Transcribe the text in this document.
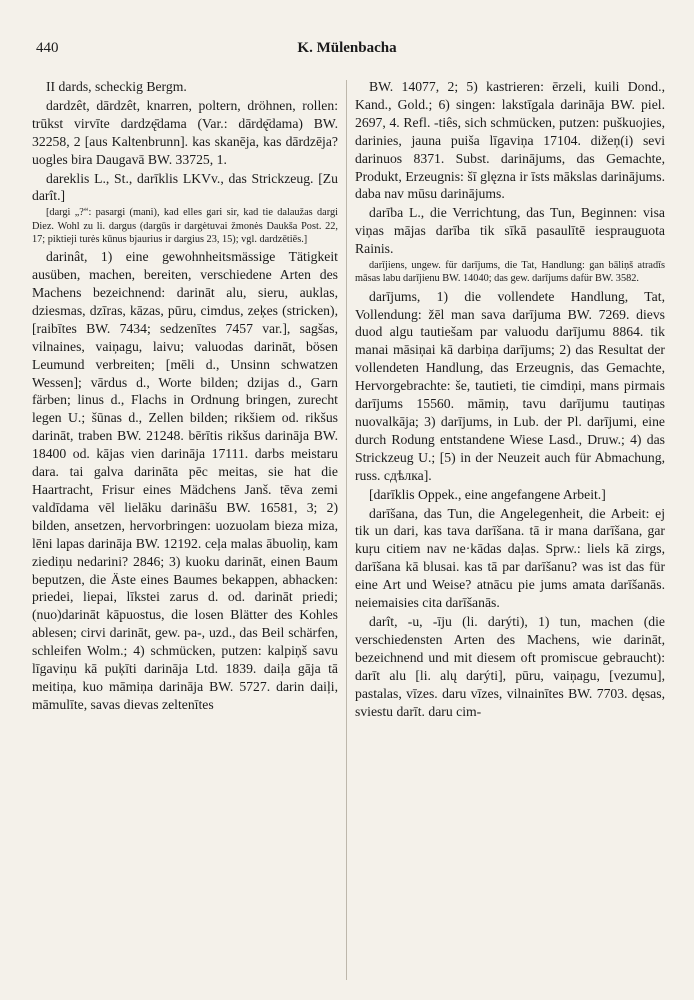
K. Mülenbacha
440

II dards, scheckig Bergm.

dardzêt, dārdzêt, knarren, poltern, dröhnen, rollen: trūkst virvīte dardzę̄dama (Var.: dārdę̄dama) BW. 32258, 2 [aus Kaltenbrunn]. kas skanēja, kas dārdzēja? uogles bira Daugavā BW. 33725, 1.

dareklis L., St., darīklis LKVv., das Strickzeug. [Zu darît.]

[dargi „?“: pasargi (mani), kad elles gari sir, kad tie dalaužas dargi Diez. Wohl zu li. dargus (dargūs ir dargėtuvai žmonės Daukša Post. 22, 17; piktieji turės kūnus bjaurius ir dargius 23, 15); vgl. dardzētiēs.]

darinât, 1) eine gewohnheitsmässige Tätigkeit ausüben, machen, bereiten, verschiedene Arten des Machens bezeichnend: darināt alu, sieru, auklas, dziesmas, dzīras, kāzas, pūru, cimdus, zeķes (stricken), [raibītes BW. 7434; sedzenītes 7457 var.], sagšas, vilnaines, vaiņagu, laivu; valuodas darināt, bösen Leumund verbreiten; [mēli d., Unsinn schwatzen Wessen]; vārdus d., Worte bilden; dzijas d., Garn färben; linus d., Flachs in Ordnung bringen, zurecht legen U.; šūnas d., Zellen bilden; rikšiem od. rikšus darināt, traben BW. 21248. bērītis rikšus darināja BW. 18400 od. kājas vien darināja 17111. darbs meistaru dara. tai galva darināta pēc meitas, sie hat die Haartracht, Frisur eines Mädchens Janš. tēva zemi valdīdama vēl lielāku darināšu BW. 16581, 3; 2) bilden, ansetzen, hervorbringen: uozuolam bieza miza, lēni lapas darināja BW. 12192. ceļa malas ābuoliņ, kam ziediņu nedarini? 2846; 3) kuoku darināt, einen Baum beputzen, die Äste eines Baumes bekappen, abhacken: priedei, liepai, līkstei zarus d. od. darināt priedi; (nuo)darināt kāpuostus, die losen Blätter des Kohles ablesen; cirvi darināt, gew. pa-, uzd., das Beil schärfen, schleifen Wolm.; 4) schmücken, putzen: kalpiņš savu līgaviņu kā puķīti darināja Ltd. 1839. daiļa gāja tā meitiņa, kuo māmiņa darināja BW. 5727. darin daiļi, māmulīte, savas dievas zeltenītes

BW. 14077, 2; 5) kastrieren: ērzeli, kuili Dond., Kand., Gold.; 6) singen: lakstīgala darināja BW. piel. 2697, 4. Refl. -tiês, sich schmücken, putzen: puškuojies, darinies, jauna puiša līgaviņa 17104. dižeņ(i) sevi darinuos 8371. Subst. darinājums, das Gemachte, Produkt, Erzeugnis: šī glęzna ir īsts mākslas darinājums. daba nav mūsu darinājums.

darība L., die Verrichtung, das Tun, Beginnen: visa viņas mājas darība tik sīkā pasaulītē iesprauguota Rainis.

darījiens, ungew. für darījums, die Tat, Handlung: gan bāliņš atradīs māsas labu darījienu BW. 14040; das gew. darījums dafür BW. 3582.

darījums, 1) die vollendete Handlung, Tat, Vollendung: žēl man sava darījuma BW. 7269. dievs duod algu tautiešam par valuodu darījumu 8864. tik manai māsiņai kā darbiņa darījums; 2) das Resultat der vollendeten Handlung, das Erzeugnis, das Gemachte, Hervorgebrachte: še, tautieti, tie cimdiņi, mans pirmais darījums 15560. māmiņ, tavu darījumu tautiņas nuovalkāja; 3) darījums, in Lub. der Pl. darījumi, eine durch Rodung entstandene Wiese Lasd., Druw.; 4) das Strickzeug U.; [5) in der Neuzeit auch für Abmachung, russ. сдѣлка].

[darīklis Oppek., eine angefangene Arbeit.]

darīšana, das Tun, die Angelegenheit, die Arbeit: ej tik un dari, kas tava darīšana. tā ir mana darīšana, gar kuŗu citiem nav ne·kādas daļas. Sprw.: liels kā zirgs, darīšana kā blusai. kas tā par darīšanu? was ist das für eine Art und Weise? atnācu pie jums amata darīšanās. neiemaisies cita darīšanās.

darît, -u, -īju (li. darýti), 1) tun, machen (die verschiedensten Arten des Machens, wie darināt, bezeichnend und mit diesem oft promiscue gebraucht): darīt alu [li. alų darýti], pūru, vaiņagu, [vezumu], pastalas, vīzes. daru vīzes, vilnainītes BW. 7703. dęsas, sviestu darīt. daru cim-
